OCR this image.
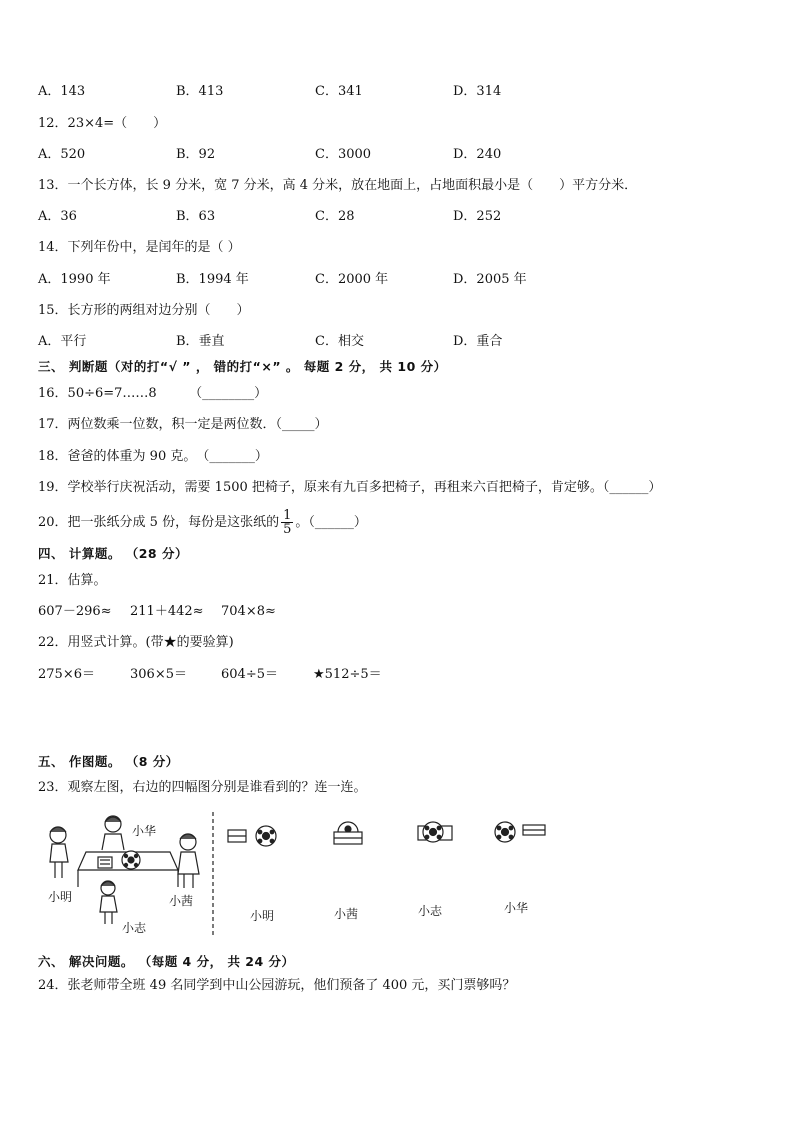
A．143	B．413	C．341	D．314
12．23×4=（　　）
A．520	B．92	C．3000	D．240
13．一个长方体，长 9 分米，宽 7 分米，高 4 分米，放在地面上，占地面积最小是（　　）平方分米．
A．36	B．63	C．28	D．252
14．下列年份中，是闰年的是（ ）
A．1990 年	B．1994 年	C．2000 年	D．2005 年
15．长方形的两组对边分别（　　）
A．平行	B．垂直	C．相交	D．重合
三、 判断题（对的打“√ ” ， 错的打“×” 。 每题 2 分， 共 10 分）
16．50÷6=7……8　　　（________）
17．两位数乘一位数，积一定是两位数．（_____）
18．爸爸的体重为 90 克。　（_______）
19．学校举行庆祝活动，需要 1500 把椅子，原来有九百多把椅子，再租来六百把椅子，肯定够。（______）
20．把一张纸分成 5 份，每份是这张纸的 $\frac{1}{5}$ 。（______）
四、 计算题。 （28 分）
21．估算。
607－296≈ 211＋442≈ 704×8≈
22．用竖式计算。(带★的要验算)
275×6＝	306×5＝	604÷5＝	★512÷5＝
五、 作图题。 （8 分）
23．观察左图，右边的四幅图分别是谁看到的？连一连。
小华
小明	小茜
小志
小明	小茜	小志	小华
六、 解决问题。 （每题 4 分， 共 24 分）
24．张老师带全班 49 名同学到中山公园游玩，他们预备了 400 元，买门票够吗？
